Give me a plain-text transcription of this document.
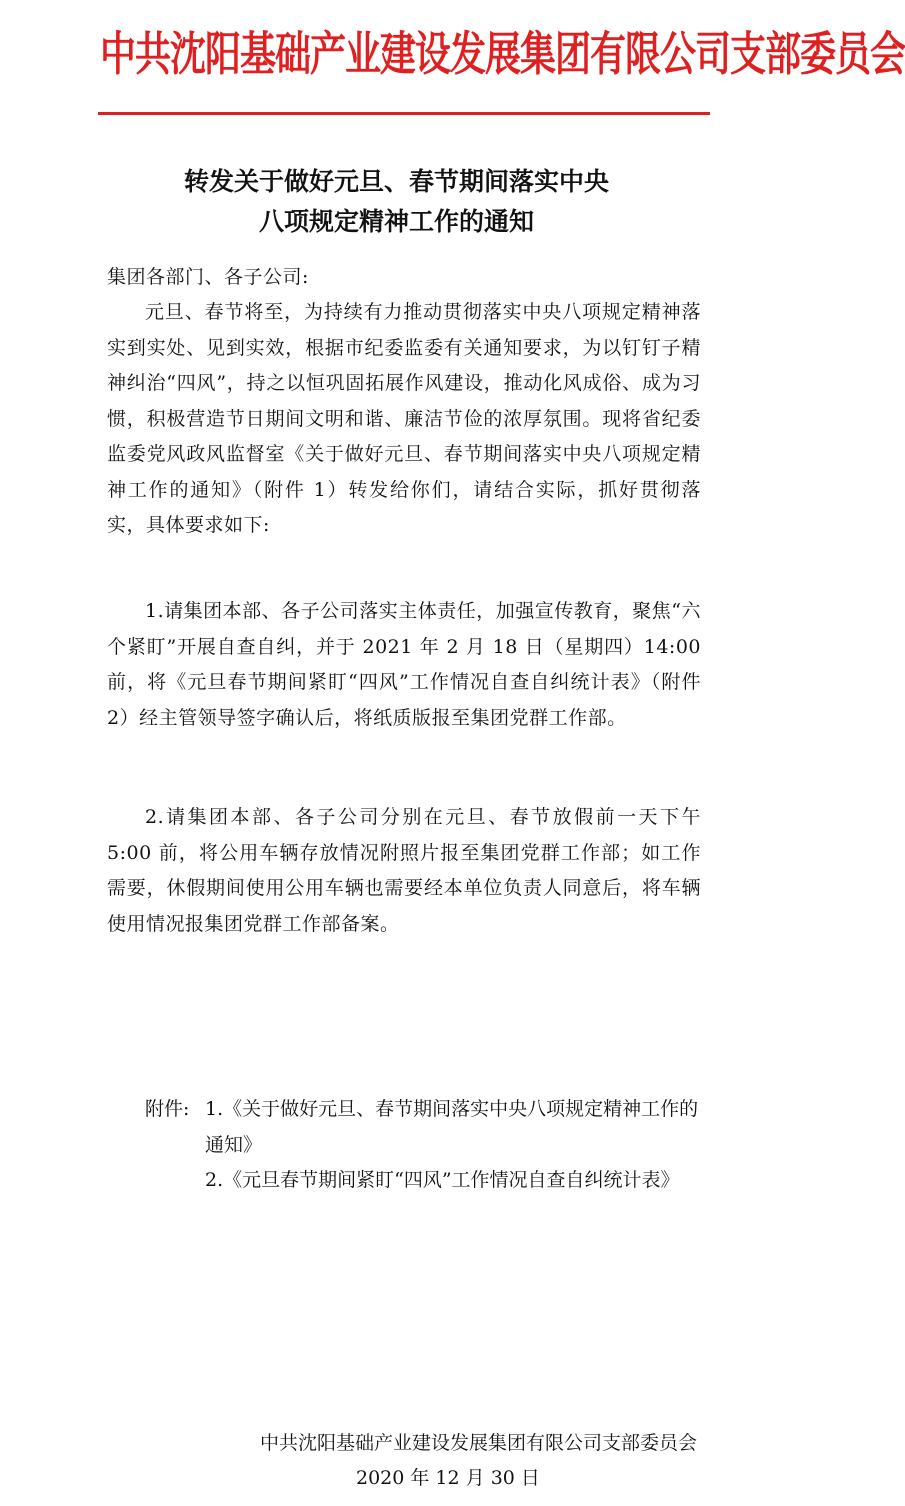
中共沈阳基础产业建设发展集团有限公司支部委员会
转发关于做好元旦、春节期间落实中央
八项规定精神工作的通知
集团各部门、各子公司:
元旦、春节将至，为持续有力推动贯彻落实中央八项规定精神落实到实处、见到实效，根据市纪委监委有关通知要求，为以钉钉子精神纠治“四风”，持之以恒巩固拓展作风建设，推动化风成俗、成为习惯，积极营造节日期间文明和谐、廉洁节俭的浓厚氛围。现将省纪委监委党风政风监督室《关于做好元旦、春节期间落实中央八项规定精神工作的通知》（附件 1）转发给你们，请结合实际，抓好贯彻落实，具体要求如下:
1.请集团本部、各子公司落实主体责任，加强宣传教育，聚焦“六个紧盯”开展自查自纠，并于 2021 年 2 月 18 日（星期四）14:00 前，将《元旦春节期间紧盯“四风”工作情况自查自纠统计表》（附件 2）经主管领导签字确认后，将纸质版报至集团党群工作部。
2.请集团本部、各子公司分别在元旦、春节放假前一天下午 5:00 前，将公用车辆存放情况附照片报至集团党群工作部；如工作需要，休假期间使用公用车辆也需要经本单位负责人同意后，将车辆使用情况报集团党群工作部备案。
附件: 1.《关于做好元旦、春节期间落实中央八项规定精神工作的通知》
2.《元旦春节期间紧盯“四风”工作情况自查自纠统计表》
中共沈阳基础产业建设发展集团有限公司支部委员会
2020 年 12 月 30 日
